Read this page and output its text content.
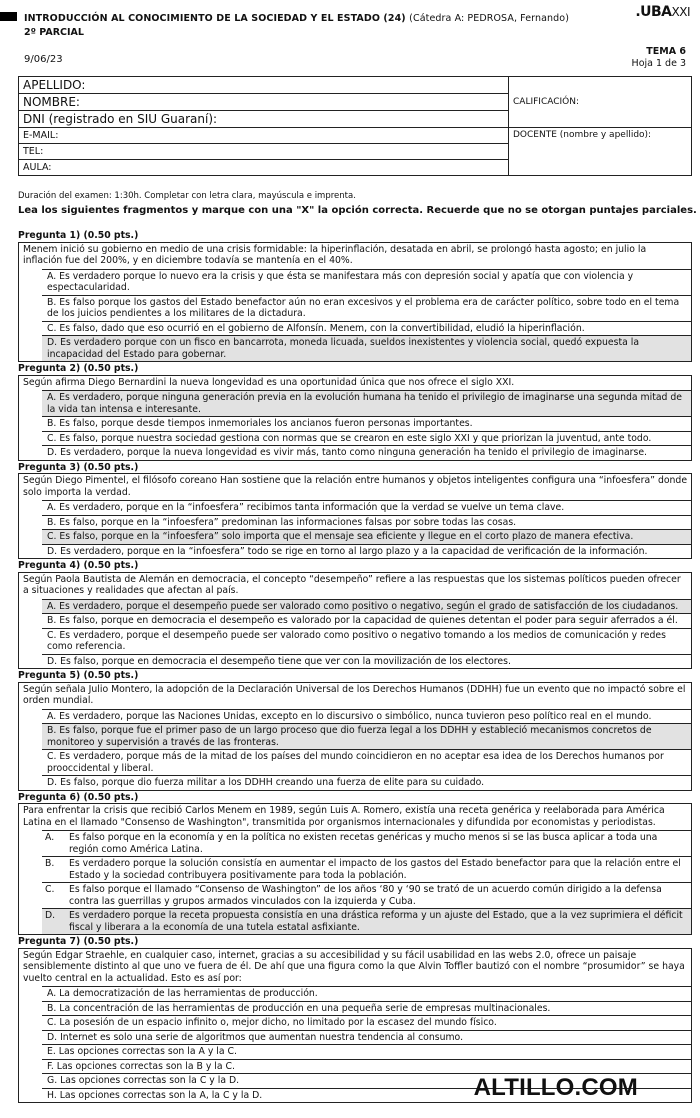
INTRODUCCIÓN AL CONOCIMIENTO DE LA SOCIEDAD Y EL ESTADO (24) (Cátedra A: PEDROSA, Fernando)
2º PARCIAL
.UBAXXI
9/06/23
TEMA 6
Hoja 1 de 3
APELLIDO:	CALIFICACIÓN:
NOMBRE:	
DNI (registrado en SIU Guaraní):	
E-MAIL:	DOCENTE (nombre y apellido):
TEL:	
AULA:	
Duración del examen: 1:30h. Completar con letra clara, mayúscula e imprenta.
Lea los siguientes fragmentos y marque con una "X" la opción correcta. Recuerde que no se otorgan puntajes parciales.
Pregunta 1) (0.50 pts.)
Menem inició su gobierno en medio de una crisis formidable: la hiperinflación, desatada en abril, se prolongó hasta agosto; en julio la inflación fue del 200%, y en diciembre todavía se mantenía en el 40%.
A. Es verdadero porque lo nuevo era la crisis y que ésta se manifestara más con depresión social y apatía que con violencia y espectacularidad.
B. Es falso porque los gastos del Estado benefactor aún no eran excesivos y el problema era de carácter político, sobre todo en el tema de los juicios pendientes a los militares de la dictadura.
C. Es falso, dado que eso ocurrió en el gobierno de Alfonsín. Menem, con la convertibilidad, eludió la hiperinflación.
D. Es verdadero porque con un fisco en bancarrota, moneda licuada, sueldos inexistentes y violencia social, quedó expuesta la incapacidad del Estado para gobernar.
Pregunta 2) (0.50 pts.)
Según afirma Diego Bernardini la nueva longevidad es una oportunidad única que nos ofrece el siglo XXI.
A. Es verdadero, porque ninguna generación previa en la evolución humana ha tenido el privilegio de imaginarse una segunda mitad de la vida tan intensa e interesante.
B. Es falso, porque desde tiempos inmemoriales los ancianos fueron personas importantes.
C. Es falso, porque nuestra sociedad gestiona con normas que se crearon en este siglo XXI y que priorizan la juventud, ante todo.
D. Es verdadero, porque la nueva longevidad es vivir más, tanto como ninguna generación ha tenido el privilegio de imaginarse.
Pregunta 3) (0.50 pts.)
Según Diego Pimentel, el filósofo coreano Han sostiene que la relación entre humanos y objetos inteligentes configura una “infoesfera” donde solo importa la verdad.
A. Es verdadero, porque en la “infoesfera” recibimos tanta información que la verdad se vuelve un tema clave.
B. Es falso, porque en la “infoesfera” predominan las informaciones falsas por sobre todas las cosas.
C. Es falso, porque en la “infoesfera” solo importa que el mensaje sea eficiente y llegue en el corto plazo de manera efectiva.
D. Es verdadero, porque en la “infoesfera” todo se rige en torno al largo plazo y a la capacidad de verificación de la información.
Pregunta 4) (0.50 pts.)
Según Paola Bautista de Alemán en democracia, el concepto “desempeño” refiere a las respuestas que los sistemas políticos pueden ofrecer a situaciones y realidades que afectan al país.
A. Es verdadero, porque el desempeño puede ser valorado como positivo o negativo, según el grado de satisfacción de los ciudadanos.
B. Es falso, porque en democracia el desempeño es valorado por la capacidad de quienes detentan el poder para seguir aferrados a él.
C. Es verdadero, porque el desempeño puede ser valorado como positivo o negativo tomando a los medios de comunicación y redes como referencia.
D. Es falso, porque en democracia el desempeño tiene que ver con la movilización de los electores.
Pregunta 5) (0.50 pts.)
Según señala Julio Montero, la adopción de la Declaración Universal de los Derechos Humanos (DDHH) fue un evento que no impactó sobre el orden mundial.
A. Es verdadero, porque las Naciones Unidas, excepto en lo discursivo o simbólico, nunca tuvieron peso político real en el mundo.
B. Es falso, porque fue el primer paso de un largo proceso que dio fuerza legal a los DDHH y estableció mecanismos concretos de monitoreo y supervisión a través de las fronteras.
C. Es verdadero, porque más de la mitad de los países del mundo coincidieron en no aceptar esa idea de los Derechos humanos por prooccidental y liberal.
D. Es falso, porque dio fuerza militar a los DDHH creando una fuerza de elite para su cuidado.
Pregunta 6) (0.50 pts.)
Para enfrentar la crisis que recibió Carlos Menem en 1989, según Luis A. Romero, existía una receta genérica y reelaborada para América Latina en el llamado "Consenso de Washington", transmitida por organismos internacionales y difundida por economistas y periodistas.
A.	Es falso porque en la economía y en la política no existen recetas genéricas y mucho menos si se las busca aplicar a toda una región como América Latina.
B.	Es verdadero porque la solución consistía en aumentar el impacto de los gastos del Estado benefactor para que la relación entre el Estado y la sociedad contribuyera positivamente para toda la población.
C.	Es falso porque el llamado “Consenso de Washington” de los años ‘80 y ‘90 se trató de un acuerdo común dirigido a la defensa contra las guerrillas y grupos armados vinculados con la izquierda y Cuba.
D.	Es verdadero porque la receta propuesta consistía en una drástica reforma y un ajuste del Estado, que a la vez suprimiera el déficit fiscal y liberara a la economía de una tutela estatal asfixiante.
Pregunta 7) (0.50 pts.)
Según Edgar Straehle, en cualquier caso, internet, gracias a su accesibilidad y su fácil usabilidad en las webs 2.0, ofrece un paisaje sensiblemente distinto al que uno ve fuera de él. De ahí que una figura como la que Alvin Toffler bautizó con el nombre “prosumidor” se haya vuelto central en la actualidad. Esto es así por:
A. La democratización de las herramientas de producción.
B. La concentración de las herramientas de producción en una pequeña serie de empresas multinacionales.
C. La posesión de un espacio infinito o, mejor dicho, no limitado por la escasez del mundo físico.
D. Internet es solo una serie de algoritmos que aumentan nuestra tendencia al consumo.
E. Las opciones correctas son la A y la C.
F. Las opciones correctas son la B y la C.
G. Las opciones correctas son la C y la D.
H. Las opciones correctas son la A, la C y la D.	ALTILLO.COM
